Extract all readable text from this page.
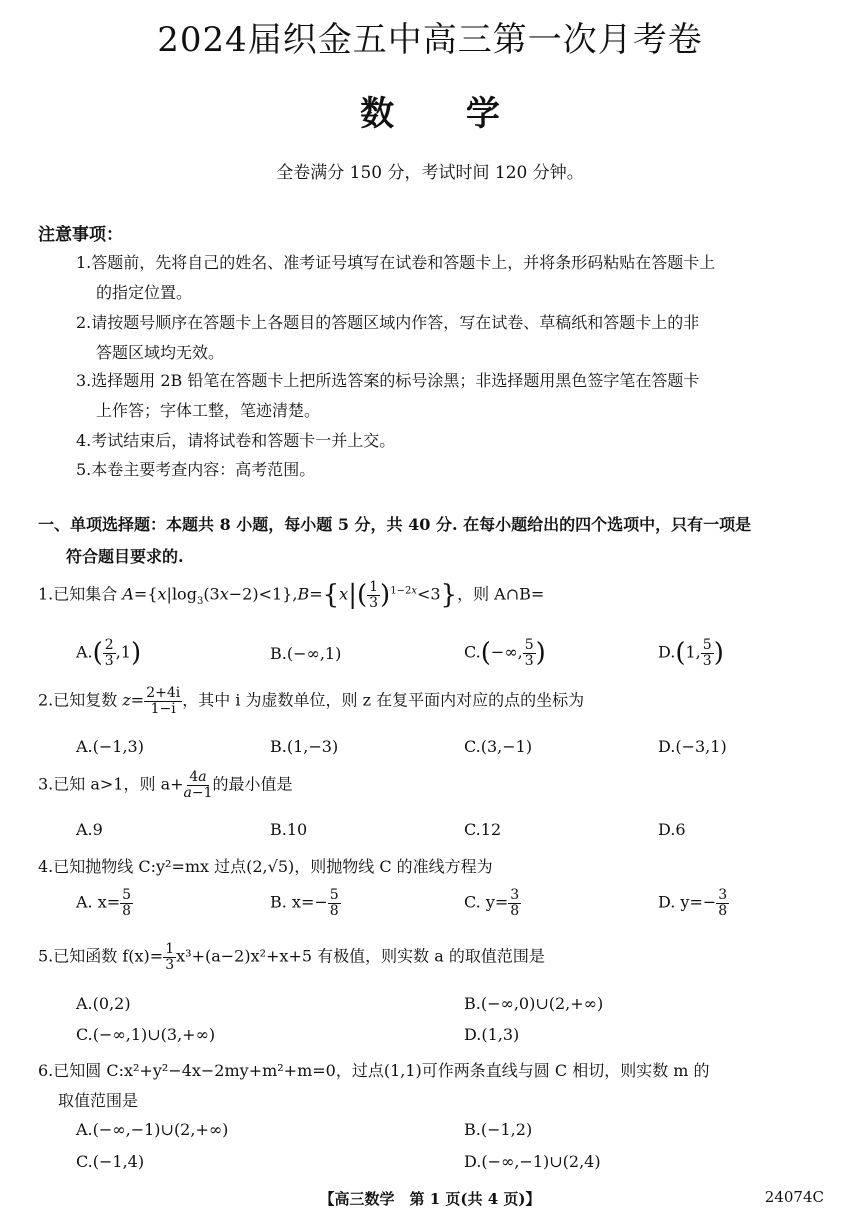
2024届织金五中高三第一次月考卷
数 学
全卷满分 150 分，考试时间 120 分钟。
注意事项：
1.答题前，先将自己的姓名、准考证号填写在试卷和答题卡上，并将条形码粘贴在答题卡上
的指定位置。
2.请按题号顺序在答题卡上各题目的答题区域内作答，写在试卷、草稿纸和答题卡上的非
答题区域均无效。
3.选择题用 2B 铅笔在答题卡上把所选答案的标号涂黑；非选择题用黑色签字笔在答题卡
上作答；字体工整，笔迹清楚。
4.考试结束后，请将试卷和答题卡一并上交。
5.本卷主要考查内容：高考范围。
一、单项选择题：本题共 8 小题，每小题 5 分，共 40 分. 在每小题给出的四个选项中，只有一项是
符合题目要求的.
1.已知集合 $A=\{x|\log_3(3x-2)<1\},B=\{x|( \frac{1}{3} )^{1-2x}<3\}$，则 A∩B=
$A.( \frac{2}{3} ,1)$	B.(−∞,1)	C.(−∞, $\frac{5}{3}$ )	D.(1, $\frac{5}{3}$ )
2.已知复数 $z= \frac{2+4i}{1-i}$ ，其中 i 为虚数单位，则 z 在复平面内对应的点的坐标为
A.(−1,3)	B.(1,−3)	C.(3,−1)	D.(−3,1)
3.已知 a>1，则 $a+ \frac{4a}{a-1}$ 的最小值是
A.9	B.10	C.12	D.6
4.已知抛物线 C:y²=mx 过点(2,√5)，则抛物线 C 的准线方程为
A. $x= \frac{5}{8}$	B. $x=- \frac{5}{8}$	C. $y= \frac{3}{8}$	D. $y=- \frac{3}{8}$
5.已知函数 $f(x)= \frac{1}{3} x^3+(a-2)x^2+x+5$ 有极值，则实数 a 的取值范围是
A.(0,2)	B.(−∞,0)∪(2,+∞)
C.(−∞,1)∪(3,+∞)	D.(1,3)
6.已知圆 C:x²+y²−4x−2my+m²+m=0，过点(1,1)可作两条直线与圆 C 相切，则实数 m 的
取值范围是
A.(−∞,−1)∪(2,+∞)	B.(−1,2)
C.(−1,4)	D.(−∞,−1)∪(2,4)
【高三数学　第 1 页(共 4 页)】	24074C
